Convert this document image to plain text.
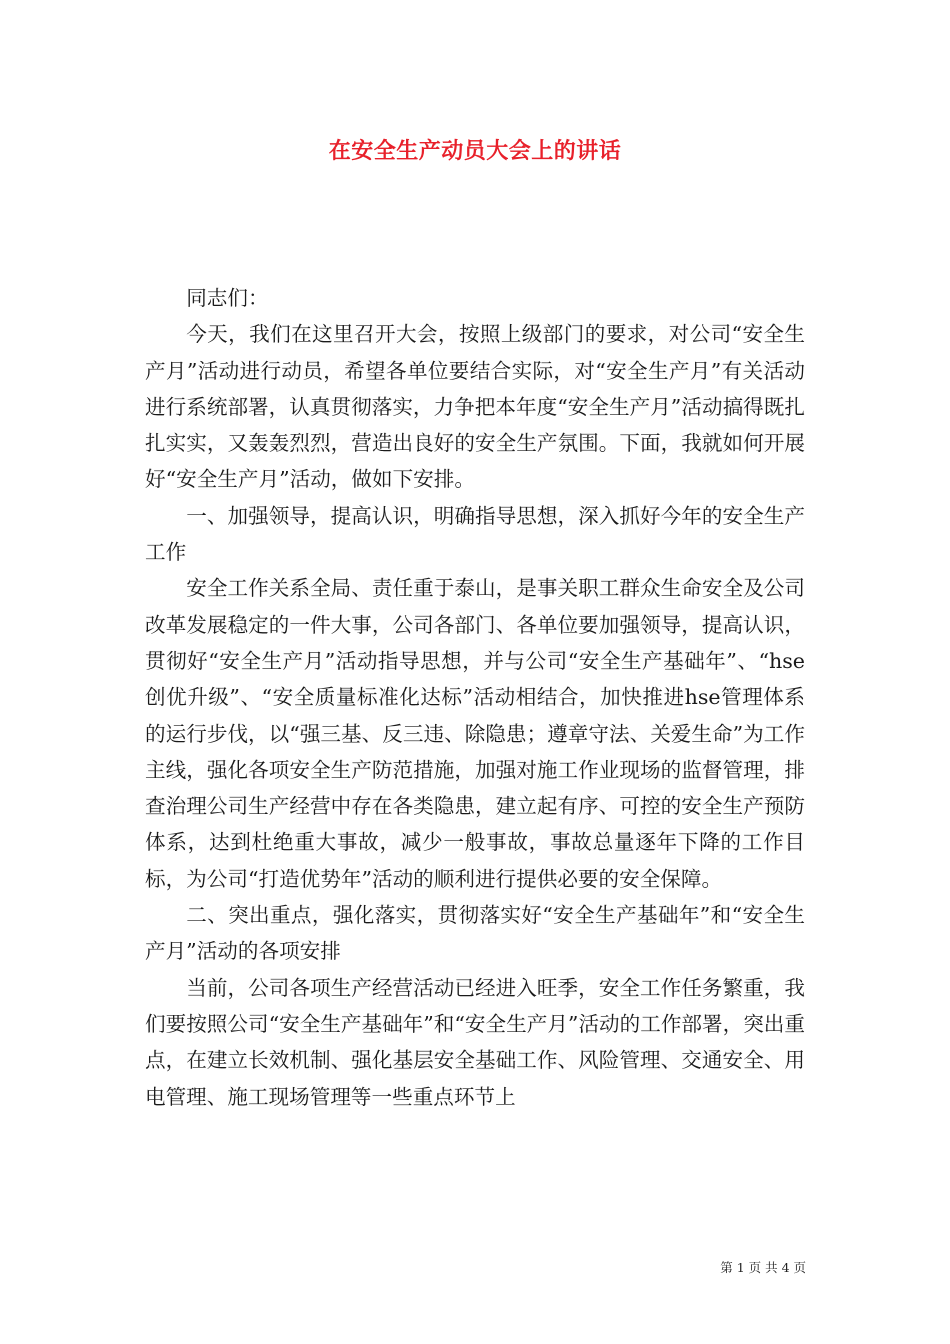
在安全生产动员大会上的讲话

同志们：

今天，我们在这里召开大会，按照上级部门的要求，对公司“安全生产月”活动进行动员，希望各单位要结合实际，对“安全生产月”有关活动进行系统部署，认真贯彻落实，力争把本年度“安全生产月”活动搞得既扎扎实实，又轰轰烈烈，营造出良好的安全生产氛围。下面，我就如何开展好“安全生产月”活动，做如下安排。

一、加强领导，提高认识，明确指导思想，深入抓好今年的安全生产工作

安全工作关系全局、责任重于泰山，是事关职工群众生命安全及公司改革发展稳定的一件大事，公司各部门、各单位要加强领导，提高认识，贯彻好“安全生产月”活动指导思想，并与公司“安全生产基础年”、“hse创优升级”、“安全质量标准化达标”活动相结合，加快推进hse管理体系的运行步伐，以“强三基、反三违、除隐患；遵章守法、关爱生命”为工作主线，强化各项安全生产防范措施，加强对施工作业现场的监督管理，排查治理公司生产经营中存在各类隐患，建立起有序、可控的安全生产预防体系，达到杜绝重大事故，减少一般事故，事故总量逐年下降的工作目标，为公司“打造优势年”活动的顺利进行提供必要的安全保障。

二、突出重点，强化落实，贯彻落实好“安全生产基础年”和“安全生产月”活动的各项安排

当前，公司各项生产经营活动已经进入旺季，安全工作任务繁重，我们要按照公司“安全生产基础年”和“安全生产月”活动的工作部署，突出重点，在建立长效机制、强化基层安全基础工作、风险管理、交通安全、用电管理、施工现场管理等一些重点环节上

第 1 页 共 4 页
